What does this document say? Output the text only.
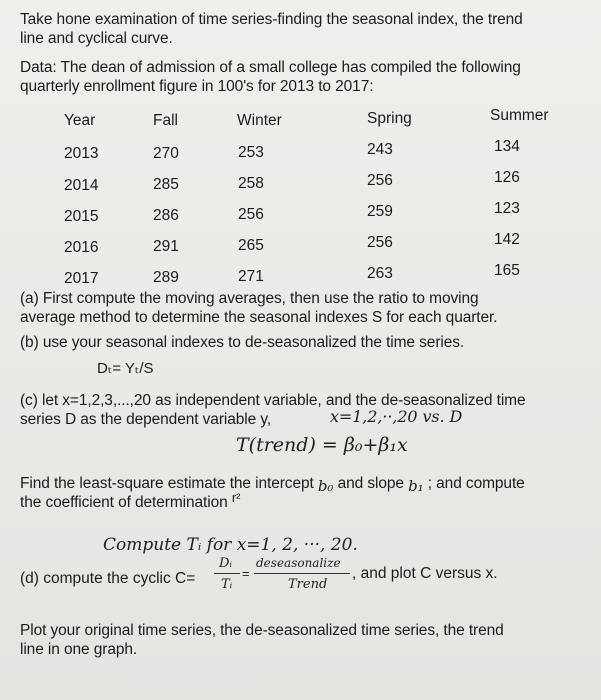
Take hone examination of time series-finding the seasonal index, the trend
line and cyclical curve.
Data: The dean of admission of a small college has compiled the following
quarterly enrollment figure in 100's for 2013 to 2017:
Year	Fall	Winter	Spring	Summer
2013	270	253	243	134
2014	285	258	256	126
2015	286	256	259	123
2016	291	265	256	142
2017	289	271	263	165
(a) First compute the moving averages, then use the ratio to moving
average method to determine the seasonal indexes S for each quarter.
(b) use your seasonal indexes to de-seasonalized the time series.
Dₜ= Yₜ/S
(c) let x=1,2,3,...,20 as independent variable, and the de-seasonalized time
series D as the dependent variable y,	x=1,2,··,20 vs. D
T(trend) = β₀+β₁x
Find the least-square estimate the intercept b₀ and slope b₁ ; and compute
the coefficient of determination $^{r^2}$
Compute Tᵢ for x=1, 2, ···, 20.
(d) compute the cyclic C=
Dᵢ
Tᵢ
=
deseasonalize
Trend
, and plot C versus x.
Plot your original time series, the de-seasonalized time series, the trend
line in one graph.
